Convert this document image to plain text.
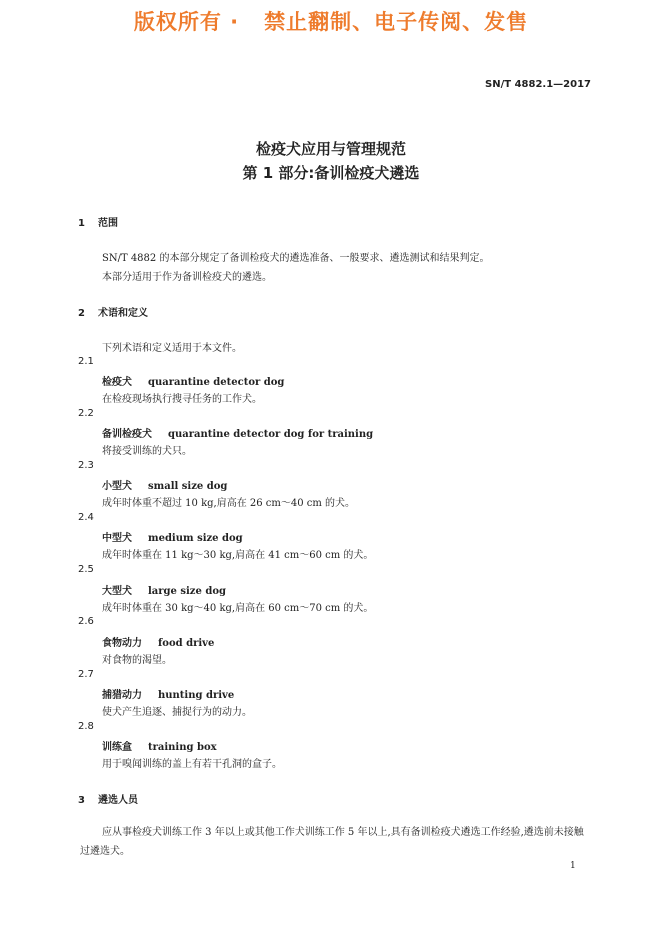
版权所有 ·   禁止翻制、电子传阅、发售
SN/T 4882.1—2017
检疫犬应用与管理规范
第 1 部分:备训检疫犬遴选
1 范围
SN/T 4882 的本部分规定了备训检疫犬的遴选准备、一般要求、遴选测试和结果判定。
本部分适用于作为备训检疫犬的遴选。
2 术语和定义
下列术语和定义适用于本文件。
2.1
检疫犬 quarantine detector dog
在检疫现场执行搜寻任务的工作犬。
2.2
备训检疫犬 quarantine detector dog for training
将接受训练的犬只。
2.3
小型犬 small size dog
成年时体重不超过 10 kg,肩高在 26 cm～40 cm 的犬。
2.4
中型犬 medium size dog
成年时体重在 11 kg～30 kg,肩高在 41 cm～60 cm 的犬。
2.5
大型犬 large size dog
成年时体重在 30 kg～40 kg,肩高在 60 cm～70 cm 的犬。
2.6
食物动力 food drive
对食物的渴望。
2.7
捕猎动力 hunting drive
使犬产生追逐、捕捉行为的动力。
2.8
训练盒 training box
用于嗅闻训练的盖上有若干孔洞的盒子。
3 遴选人员
应从事检疫犬训练工作 3 年以上或其他工作犬训练工作 5 年以上,具有备训检疫犬遴选工作经验,遴选前未接触过遴选犬。
1
